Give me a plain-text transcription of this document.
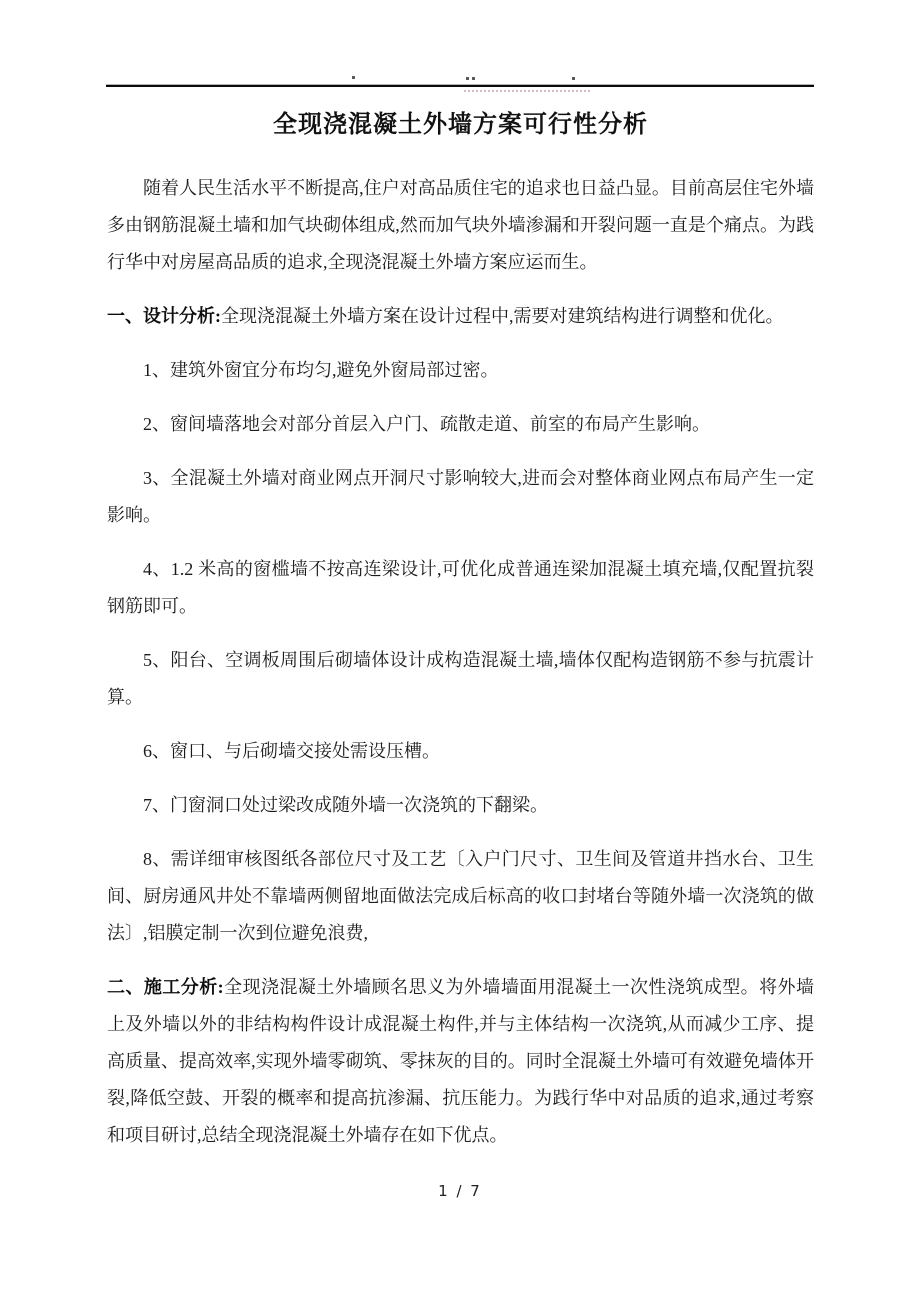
全现浇混凝土外墙方案可行性分析

随着人民生活水平不断提高,住户对高品质住宅的追求也日益凸显。目前高层住宅外墙多由钢筋混凝土墙和加气块砌体组成,然而加气块外墙渗漏和开裂问题一直是个痛点。为践行华中对房屋高品质的追求,全现浇混凝土外墙方案应运而生。

一、设计分析:全现浇混凝土外墙方案在设计过程中,需要对建筑结构进行调整和优化。

1、建筑外窗宜分布均匀,避免外窗局部过密。

2、窗间墙落地会对部分首层入户门、疏散走道、前室的布局产生影响。

3、全混凝土外墙对商业网点开洞尺寸影响较大,进而会对整体商业网点布局产生一定影响。

4、1.2 米高的窗槛墙不按高连梁设计,可优化成普通连梁加混凝土填充墙,仅配置抗裂钢筋即可。

5、阳台、空调板周围后砌墙体设计成构造混凝土墙,墙体仅配构造钢筋不参与抗震计算。

6、窗口、与后砌墙交接处需设压槽。

7、门窗洞口处过梁改成随外墙一次浇筑的下翻梁。

8、需详细审核图纸各部位尺寸及工艺〔入户门尺寸、卫生间及管道井挡水台、卫生间、厨房通风井处不靠墙两侧留地面做法完成后标高的收口封堵台等随外墙一次浇筑的做法〕,铝膜定制一次到位避免浪费,

二、施工分析:全现浇混凝土外墙顾名思义为外墙墙面用混凝土一次性浇筑成型。将外墙上及外墙以外的非结构构件设计成混凝土构件,并与主体结构一次浇筑,从而减少工序、提高质量、提高效率,实现外墙零砌筑、零抹灰的目的。同时全混凝土外墙可有效避免墙体开裂,降低空鼓、开裂的概率和提高抗渗漏、抗压能力。为践行华中对品质的追求,通过考察和项目研讨,总结全现浇混凝土外墙存在如下优点。

1 / 7
